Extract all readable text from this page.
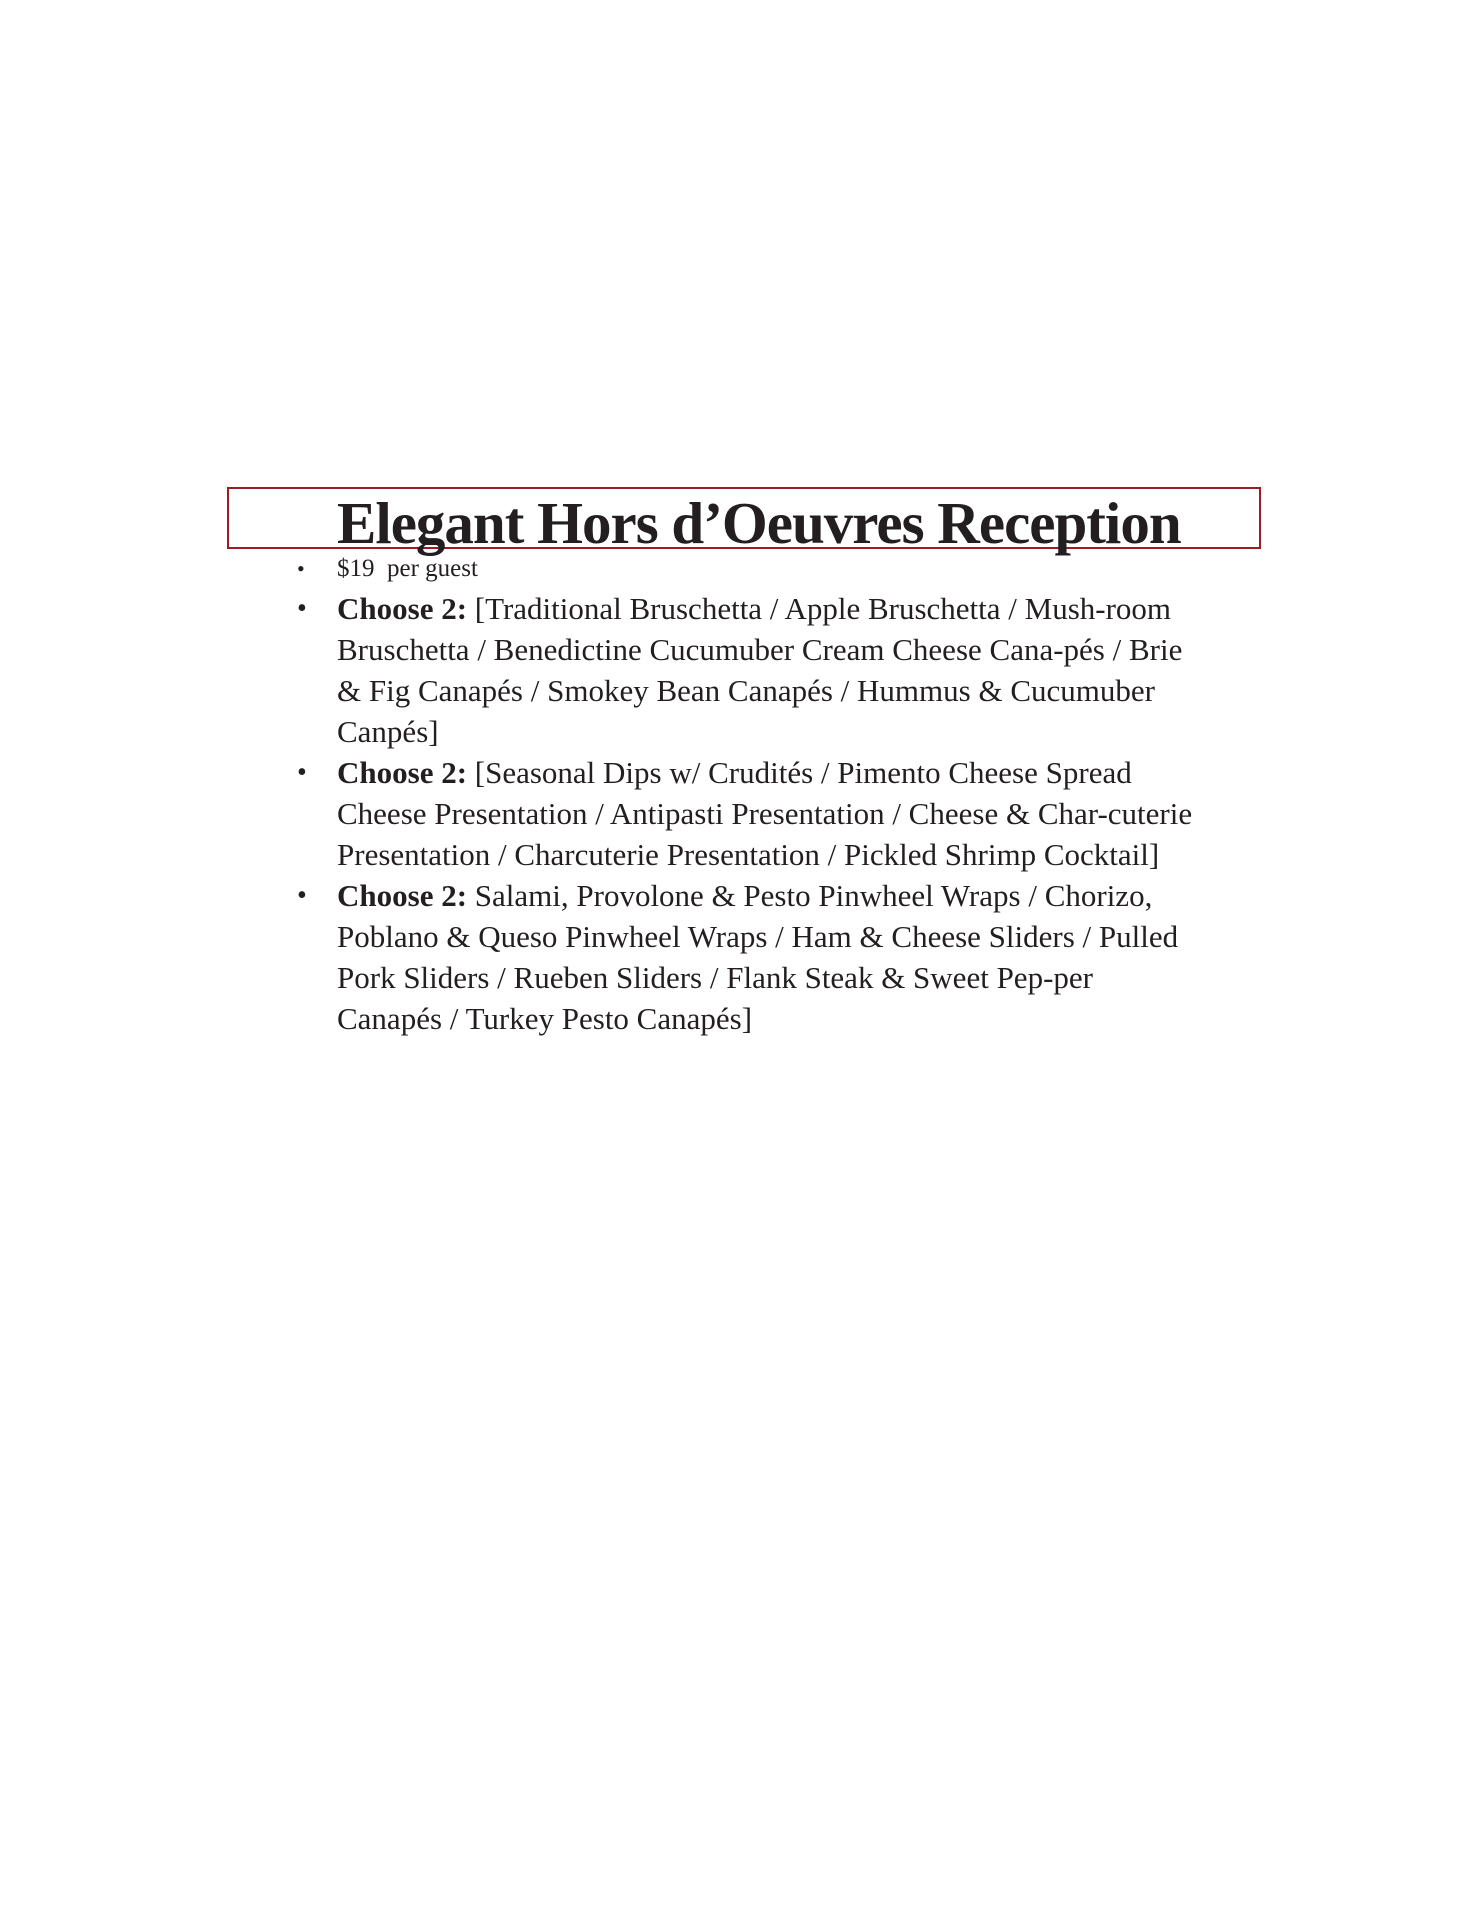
Elegant Hors d’Oeuvres Reception
• $19 per guest
• Choose 2: [Traditional Bruschetta / Apple Bruschetta / Mush-room Bruschetta / Benedictine Cucumuber Cream Cheese Cana-pés / Brie & Fig Canapés / Smokey Bean Canapés / Hummus & Cucumuber Canpés]
• Choose 2: [Seasonal Dips w/ Crudités / Pimento Cheese Spread Cheese Presentation / Antipasti Presentation / Cheese & Char-cuterie Presentation / Charcuterie Presentation / Pickled Shrimp Cocktail]
• Choose 2: Salami, Provolone & Pesto Pinwheel Wraps / Chorizo, Poblano & Queso Pinwheel Wraps / Ham & Cheese Sliders / Pulled Pork Sliders / Rueben Sliders / Flank Steak & Sweet Pep-per Canapés / Turkey Pesto Canapés]
